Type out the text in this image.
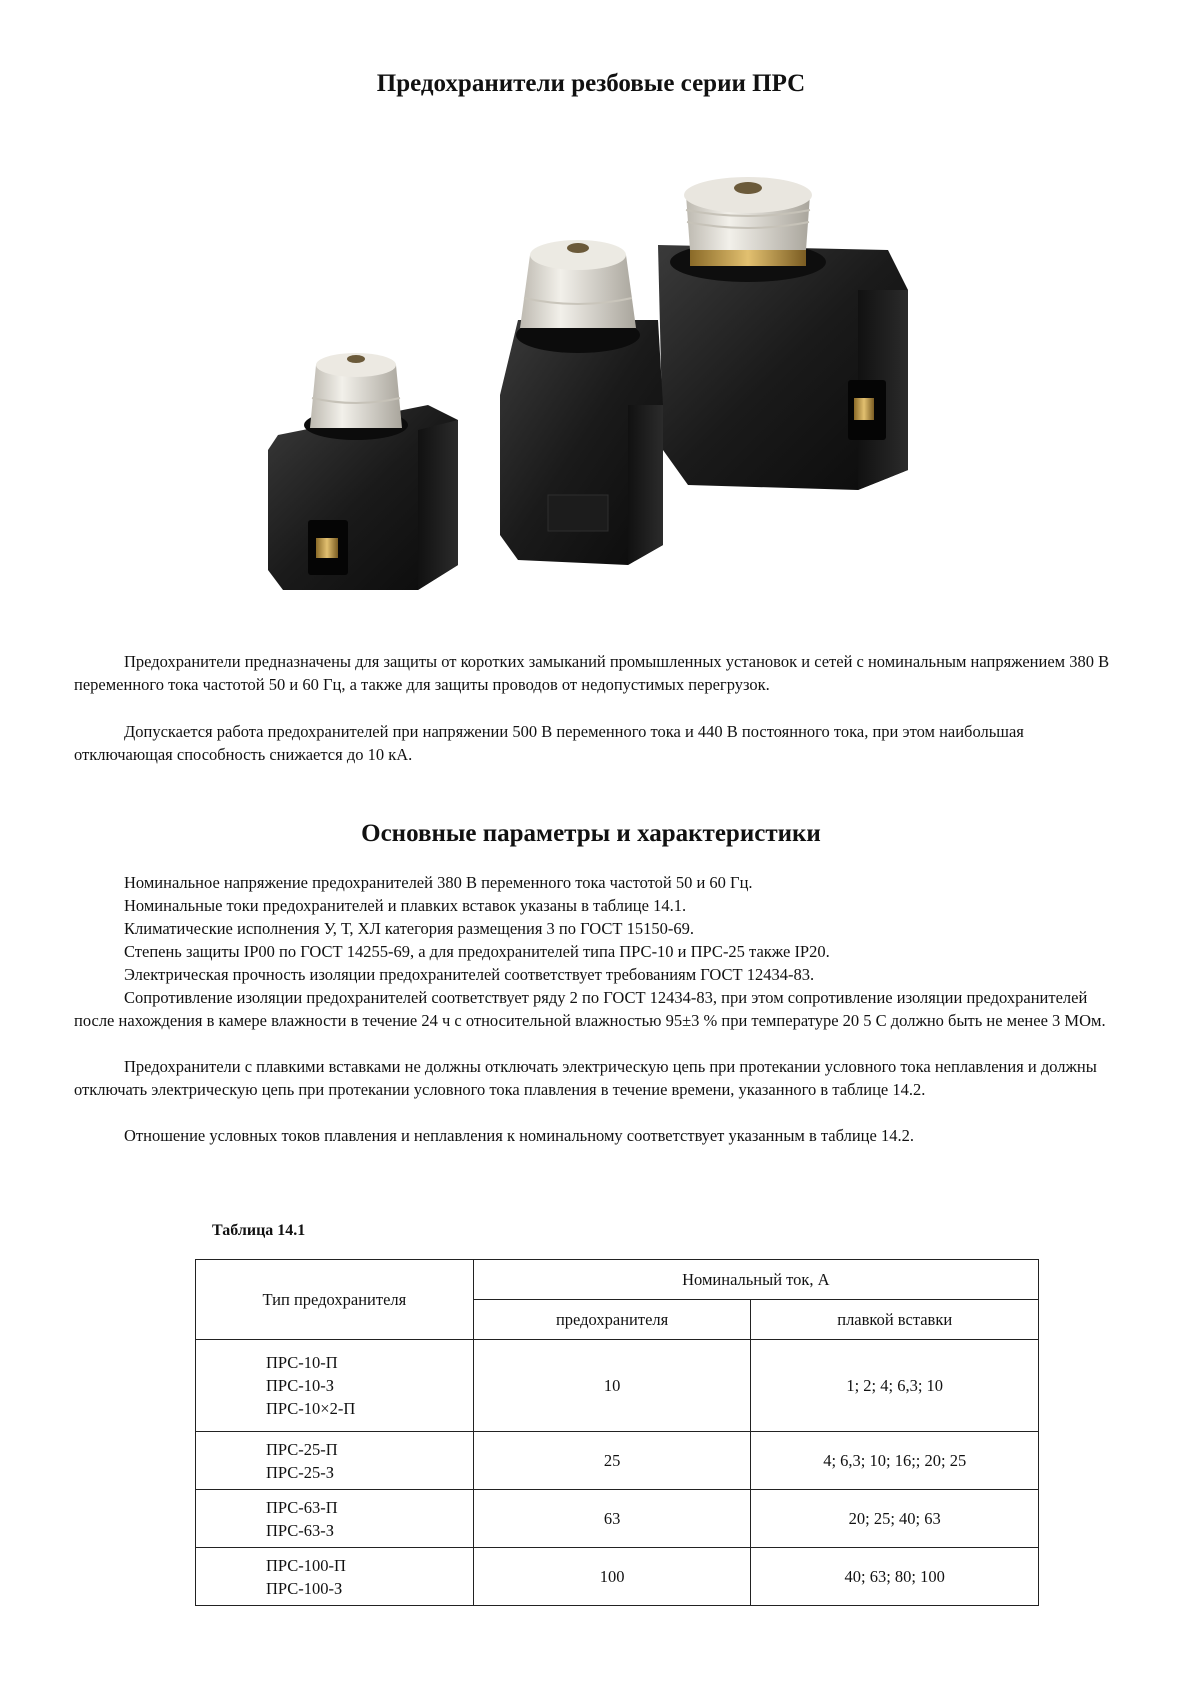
Предохранители резбовые серии ПРС

Предохранители предназначены для защиты от коротких замыканий промышленных установок и сетей с номинальным напряжением 380 В переменного тока частотой 50 и 60 Гц, а также для защиты проводов от недопустимых перегрузок.

Допускается работа предохранителей при напряжении 500 В переменного тока и 440 В постоянного тока, при этом наибольшая отключающая способность снижается до 10 кА.

Основные параметры и характеристики

Номинальное напряжение предохранителей 380 В переменного тока частотой 50 и 60 Гц.

Номинальные токи предохранителей и плавких вставок указаны в таблице 14.1.

Климатические исполнения У, Т, ХЛ категория размещения 3 по ГОСТ 15150-69.

Степень защиты IP00 по ГОСТ 14255-69, а для предохранителей типа ПРС-10 и ПРС-25 также IP20.

Электрическая прочность изоляции предохранителей соответствует требованиям ГОСТ 12434-83.

Сопротивление изоляции предохранителей соответствует ряду 2 по ГОСТ 12434-83, при этом сопротивление изоляции предохранителей после нахождения в камере влажности в течение 24 ч с относительной влажностью 95±3 % при температуре 20 5 С должно быть не менее 3 МОм.

Предохранители с плавкими вставками не должны отключать электрическую цепь при протекании условного тока неплавления и должны отключать электрическую цепь при протекании условного тока плавления в течение времени, указанного в таблице 14.2.

Отношение условных токов плавления и неплавления к номинальному соответствует указанным в таблице 14.2.

Таблица 14.1
Тип предохранителя	Номинальный ток, А	
	предохранителя	плавкой вставки

ПРС-10-П
ПРС-10-З
ПРС-10×2-П	10	1; 2; 4; 6,3; 10

ПРС-25-П
ПРС-25-З	25	4; 6,3; 10; 16;; 20; 25

ПРС-63-П
ПРС-63-З	63	20; 25; 40; 63

ПРС-100-П
ПРС-100-З	100	40; 63; 80; 100
